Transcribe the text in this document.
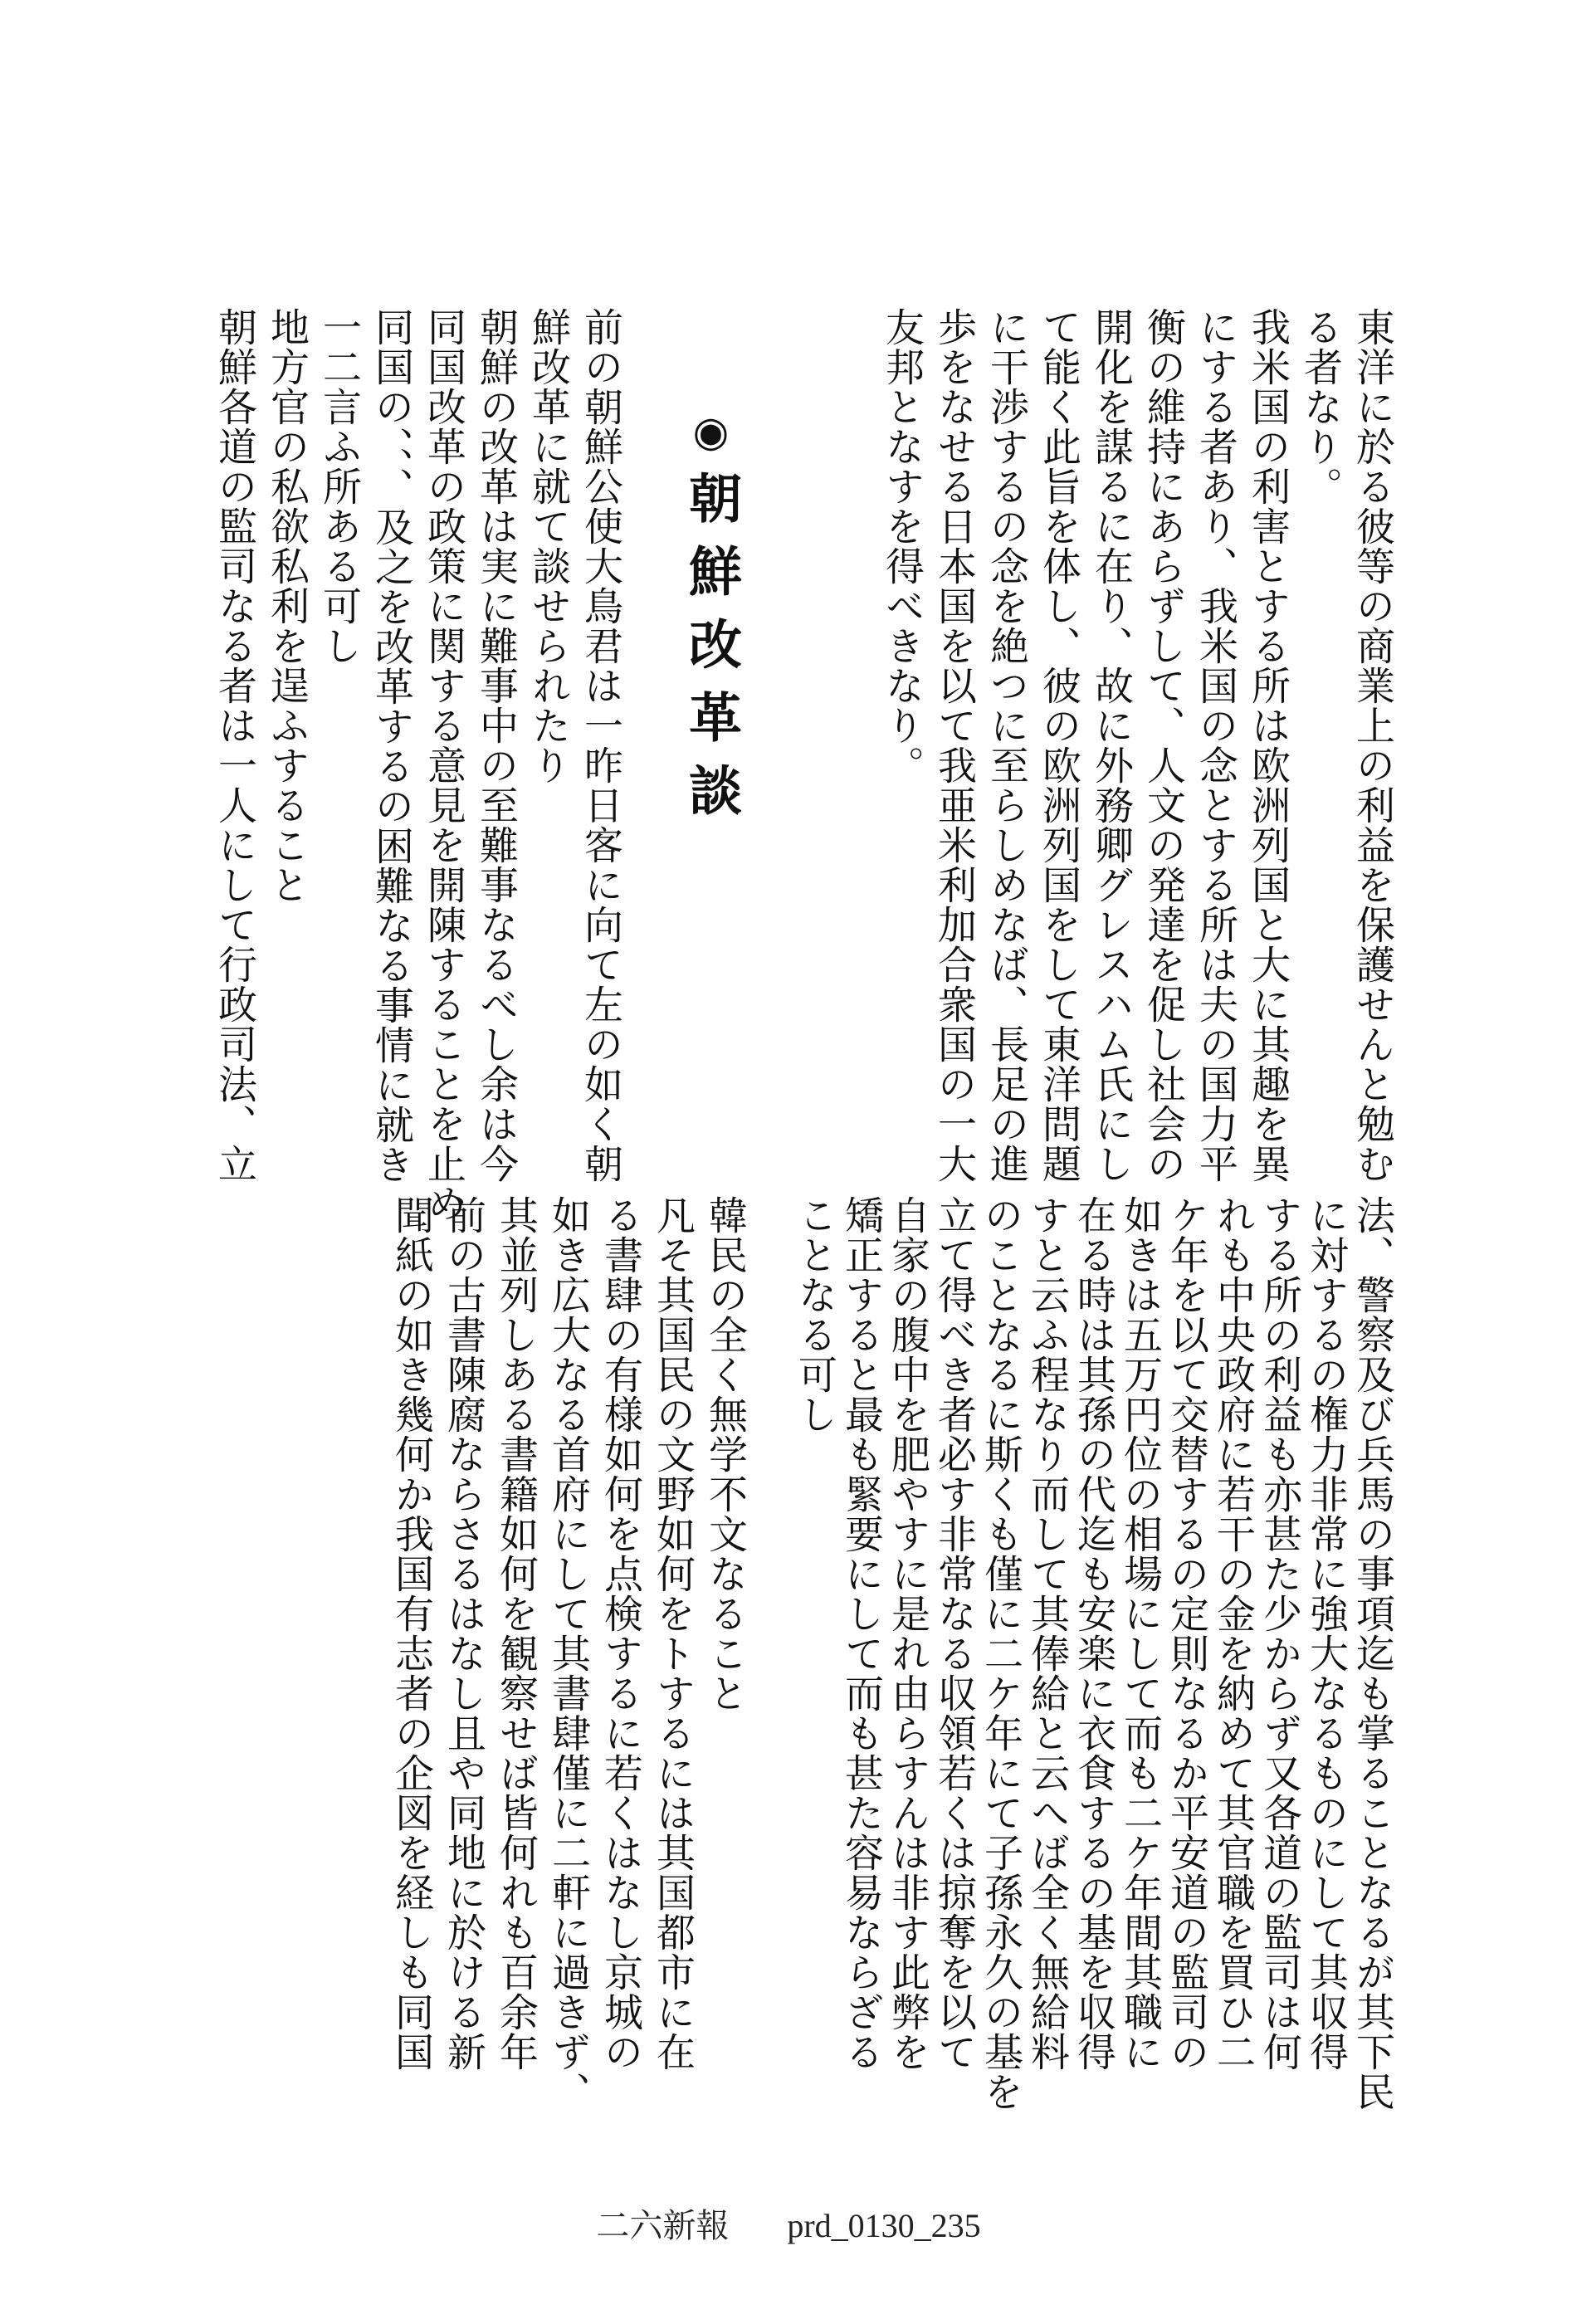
東洋に於る彼等の商業上の利益を保護せんと勉む
る者なり。
我米国の利害とする所は欧洲列国と大に其趣を異
にする者あり、我米国の念とする所は夫の国力平
衡の維持にあらずして、人文の発達を促し社会の
開化を謀るに在り、故に外務卿グレスハム氏にし
て能く此旨を体し、彼の欧洲列国をして東洋問題
に干渉するの念を絶つに至らしめなば、長足の進
歩をなせる日本国を以て我亜米利加合衆国の一大
友邦となすを得べきなり。
◉朝鮮改革談
前の朝鮮公使大鳥君は一昨日客に向て左の如く朝
鮮改革に就て談せられたり
朝鮮の改革は実に難事中の至難事なるべし余は今
同国改革の政策に関する意見を開陳することを止め
同国の、、、及之を改革するの困難なる事情に就き
一二言ふ所ある可し
地方官の私欲私利を逞ふすること
朝鮮各道の監司なる者は一人にして行政司法、立
法、警察及び兵馬の事項迄も掌ることなるが其下民
に対するの権力非常に強大なるものにして其収得
する所の利益も亦甚た少からず又各道の監司は何
れも中央政府に若干の金を納めて其官職を買ひ二
ケ年を以て交替するの定則なるか平安道の監司の
如きは五万円位の相場にして而も二ケ年間其職に
在る時は其孫の代迄も安楽に衣食するの基を収得
すと云ふ程なり而して其俸給と云へば全く無給料
のことなるに斯くも僅に二ケ年にて子孫永久の基を
立て得べき者必す非常なる収領若くは掠奪を以て
自家の腹中を肥やすに是れ由らすんは非す此弊を
矯正すると最も緊要にして而も甚た容易ならざる
ことなる可し
韓民の全く無学不文なること
凡そ其国民の文野如何をトするには其国都市に在
る書肆の有様如何を点検するに若くはなし京城の
如き広大なる首府にして其書肆僅に二軒に過きず、
其並列しある書籍如何を観察せば皆何れも百余年
前の古書陳腐ならさるはなし且や同地に於ける新
聞紙の如き幾何か我国有志者の企図を経しも同国
二六新報 prd_0130_235
